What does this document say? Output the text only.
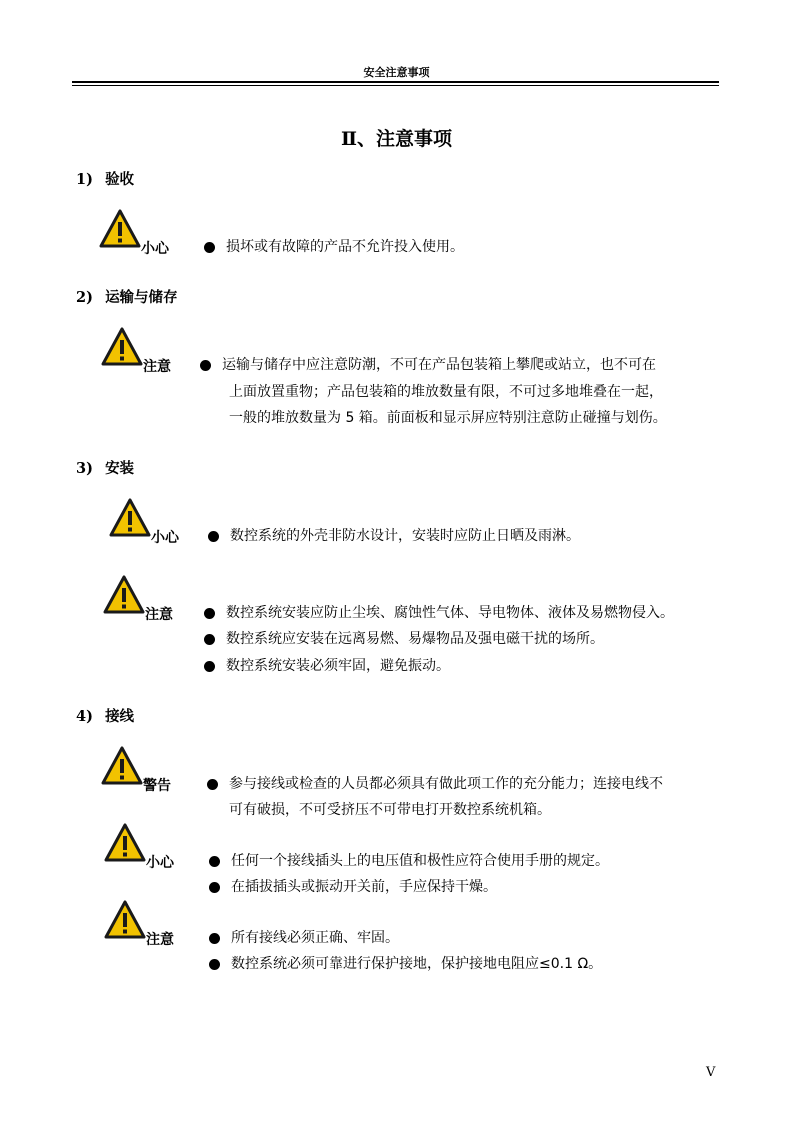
安全注意事项
Ⅱ、注意事项
1) 验收
小心	损坏或有故障的产品不允许投入使用。
2) 运输与储存
注意	运输与储存中应注意防潮，不可在产品包装箱上攀爬或站立，也不可在
上面放置重物；产品包装箱的堆放数量有限，不可过多地堆叠在一起，
一般的堆放数量为 5 箱。前面板和显示屏应特别注意防止碰撞与划伤。
3) 安装
小心	数控系统的外壳非防水设计，安装时应防止日晒及雨淋。
注意	数控系统安装应防止尘埃、腐蚀性气体、导电物体、液体及易燃物侵入。
数控系统应安装在远离易燃、易爆物品及强电磁干扰的场所。
数控系统安装必须牢固，避免振动。
4) 接线
警告	参与接线或检查的人员都必须具有做此项工作的充分能力；连接电线不
可有破损，不可受挤压不可带电打开数控系统机箱。
小心	任何一个接线插头上的电压值和极性应符合使用手册的规定。
在插拔插头或振动开关前，手应保持干燥。
注意	所有接线必须正确、牢固。
数控系统必须可靠进行保护接地，保护接地电阻应≤0.1 Ω。
V
